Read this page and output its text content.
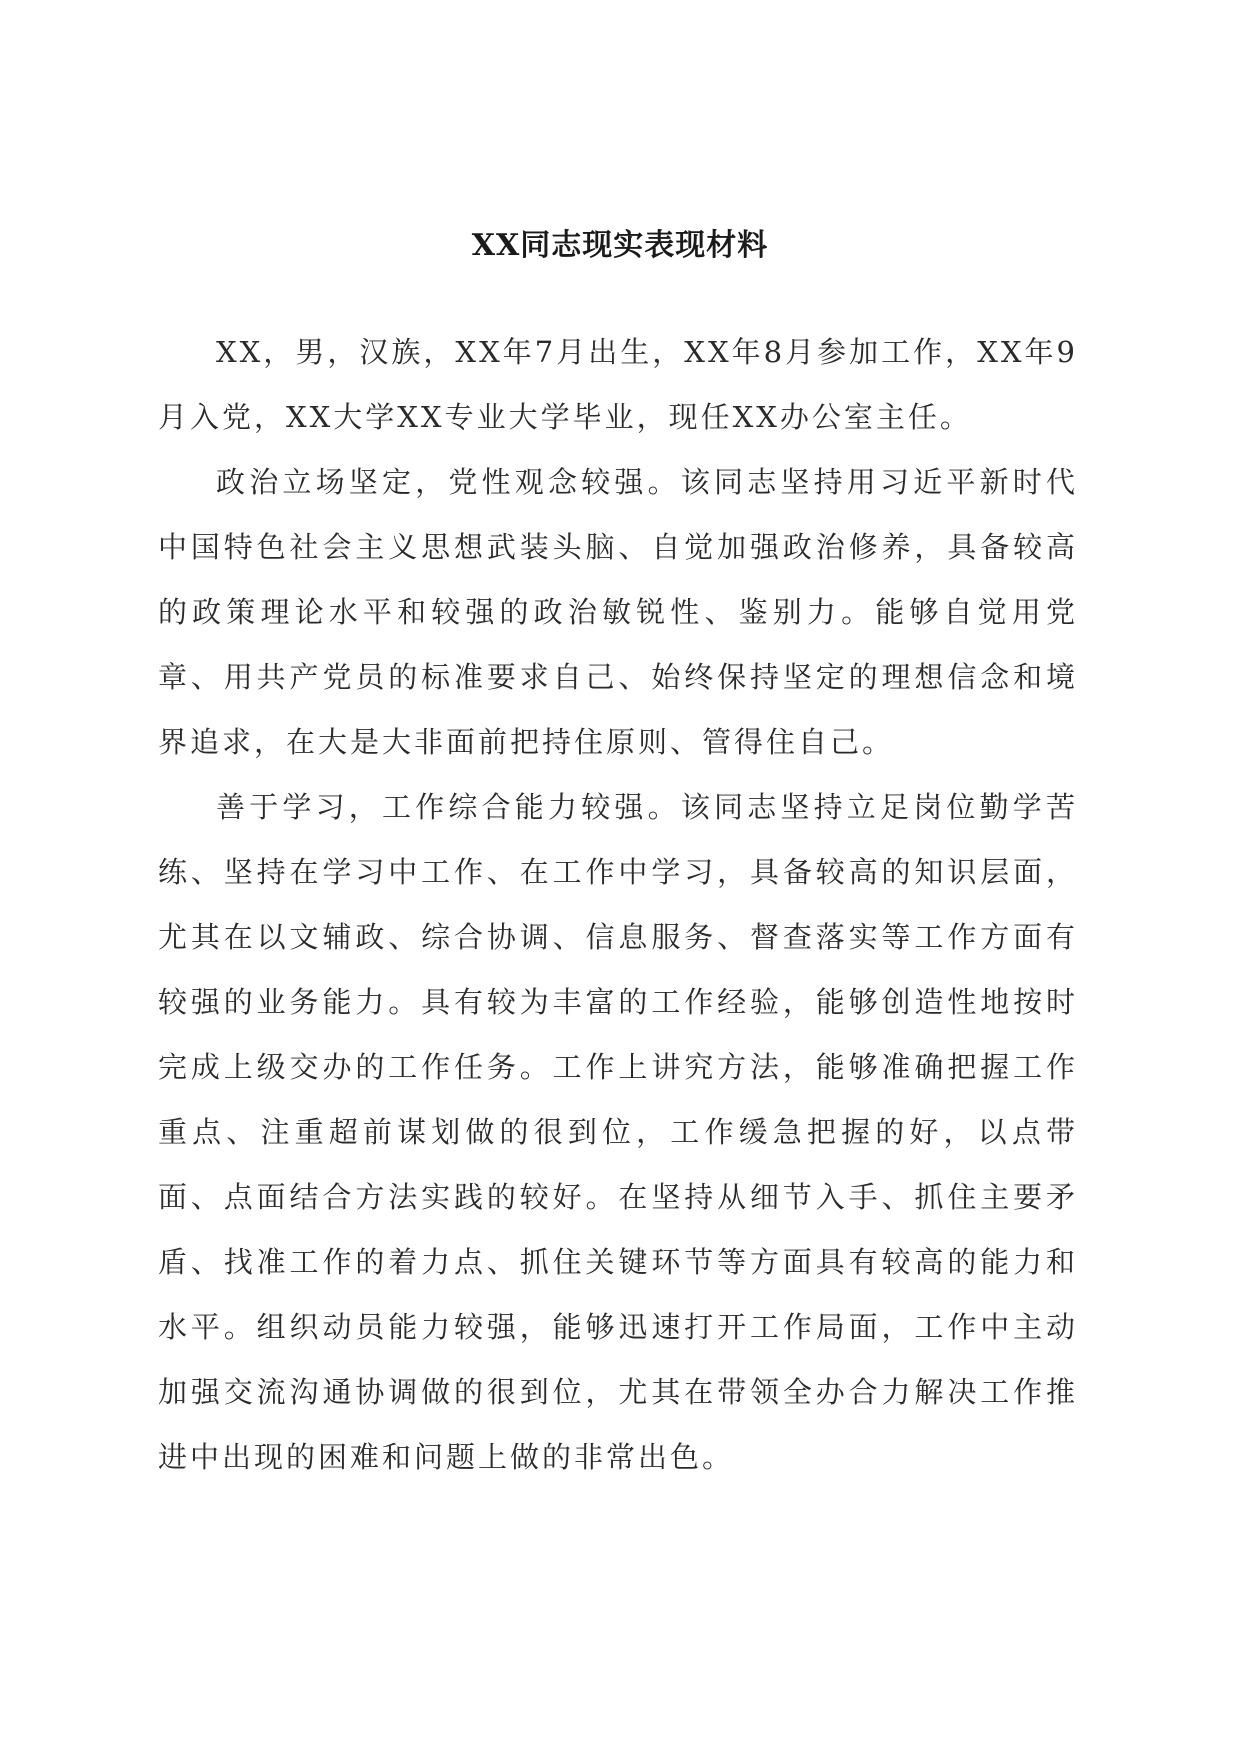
XX同志现实表现材料

XX，男，汉族，XX年7月出生，XX年8月参加工作，XX年9月入党，XX大学XX专业大学毕业，现任XX办公室主任。

政治立场坚定，党性观念较强。该同志坚持用习近平新时代中国特色社会主义思想武装头脑、自觉加强政治修养，具备较高的政策理论水平和较强的政治敏锐性、鉴别力。能够自觉用党章、用共产党员的标准要求自己、始终保持坚定的理想信念和境界追求，在大是大非面前把持住原则、管得住自己。

善于学习，工作综合能力较强。该同志坚持立足岗位勤学苦练、坚持在学习中工作、在工作中学习，具备较高的知识层面，尤其在以文辅政、综合协调、信息服务、督查落实等工作方面有较强的业务能力。具有较为丰富的工作经验，能够创造性地按时完成上级交办的工作任务。工作上讲究方法，能够准确把握工作重点、注重超前谋划做的很到位，工作缓急把握的好，以点带面、点面结合方法实践的较好。在坚持从细节入手、抓住主要矛盾、找准工作的着力点、抓住关键环节等方面具有较高的能力和水平。组织动员能力较强，能够迅速打开工作局面，工作中主动加强交流沟通协调做的很到位，尤其在带领全办合力解决工作推进中出现的困难和问题上做的非常出色。
